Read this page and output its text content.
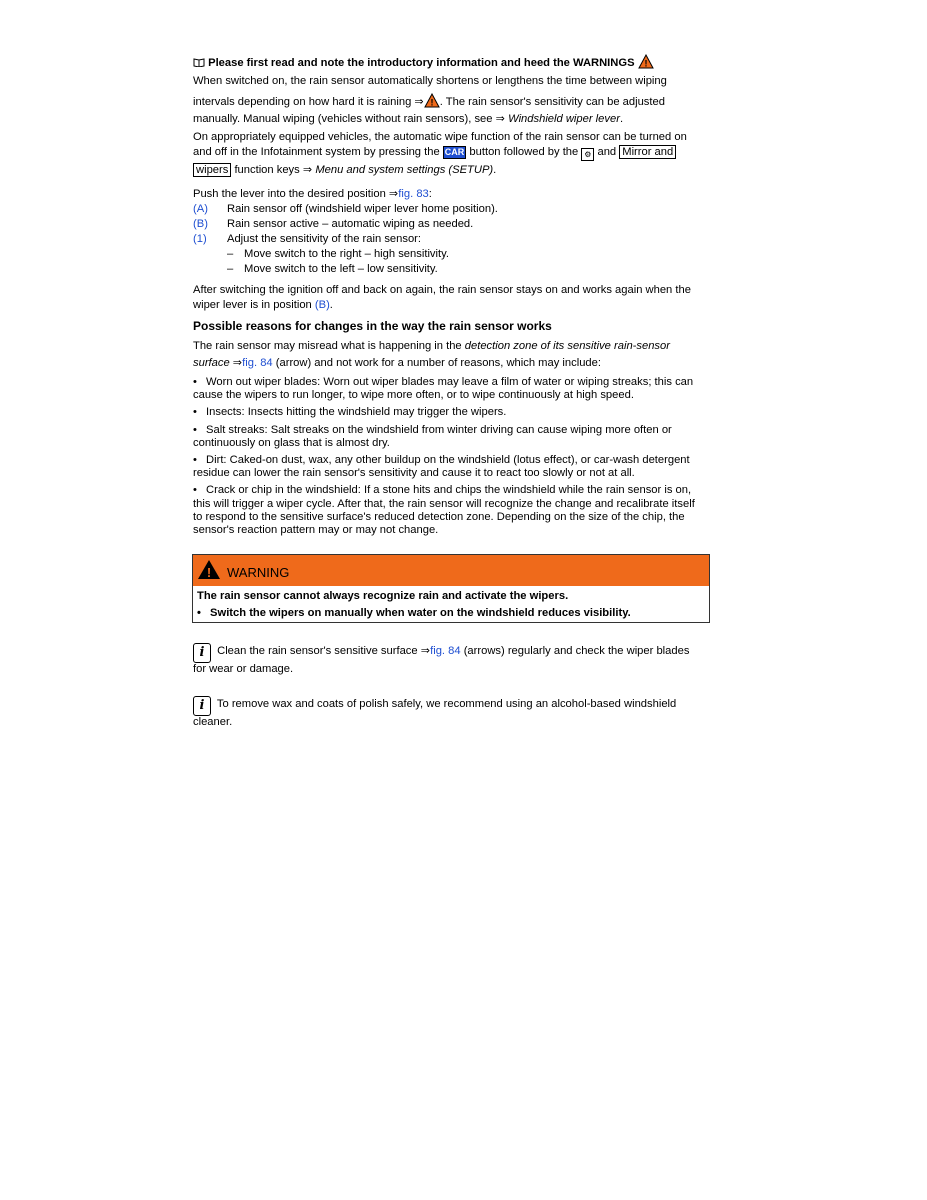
Please first read and note the introductory information and heed the WARNINGS !
When switched on, the rain sensor automatically shortens or lengthens the time between wiping
intervals depending on how hard it is raining ⇒ ! . The rain sensor's sensitivity can be adjusted
manually. Manual wiping (vehicles without rain sensors), see ⇒ Windshield wiper lever.
On appropriately equipped vehicles, the automatic wipe function of the rain sensor can be turned on
and off in the Infotainment system by pressing the CAR button followed by the ⚙ and Mirror and
wipers function keys ⇒ Menu and system settings (SETUP).
Push the lever into the desired position ⇒fig. 83:
(A) Rain sensor off (windshield wiper lever home position).
(B) Rain sensor active – automatic wiping as needed.
(1) Adjust the sensitivity of the rain sensor:
– Move switch to the right – high sensitivity.
– Move switch to the left – low sensitivity.
After switching the ignition off and back on again, the rain sensor stays on and works again when the
wiper lever is in position (B).
Possible reasons for changes in the way the rain sensor works
The rain sensor may misread what is happening in the detection zone of its sensitive rain-sensor
surface ⇒fig. 84 (arrow) and not work for a number of reasons, which may include:
• Worn out wiper blades: Worn out wiper blades may leave a film of water or wiping streaks; this can
cause the wipers to run longer, to wipe more often, or to wipe continuously at high speed.
• Insects: Insects hitting the windshield may trigger the wipers.
• Salt streaks: Salt streaks on the windshield from winter driving can cause wiping more often or
continuously on glass that is almost dry.
• Dirt: Caked-on dust, wax, any other buildup on the windshield (lotus effect), or car-wash detergent
residue can lower the rain sensor's sensitivity and cause it to react too slowly or not at all.
• Crack or chip in the windshield: If a stone hits and chips the windshield while the rain sensor is on,
this will trigger a wiper cycle. After that, the rain sensor will recognize the change and recalibrate itself
to respond to the sensitive surface's reduced detection zone. Depending on the size of the chip, the
sensor's reaction pattern may or may not change.
! WARNING
The rain sensor cannot always recognize rain and activate the wipers.
• Switch the wipers on manually when water on the windshield reduces visibility.
i Clean the rain sensor's sensitive surface ⇒fig. 84 (arrows) regularly and check the wiper blades
for wear or damage.
i To remove wax and coats of polish safely, we recommend using an alcohol-based windshield
cleaner.
